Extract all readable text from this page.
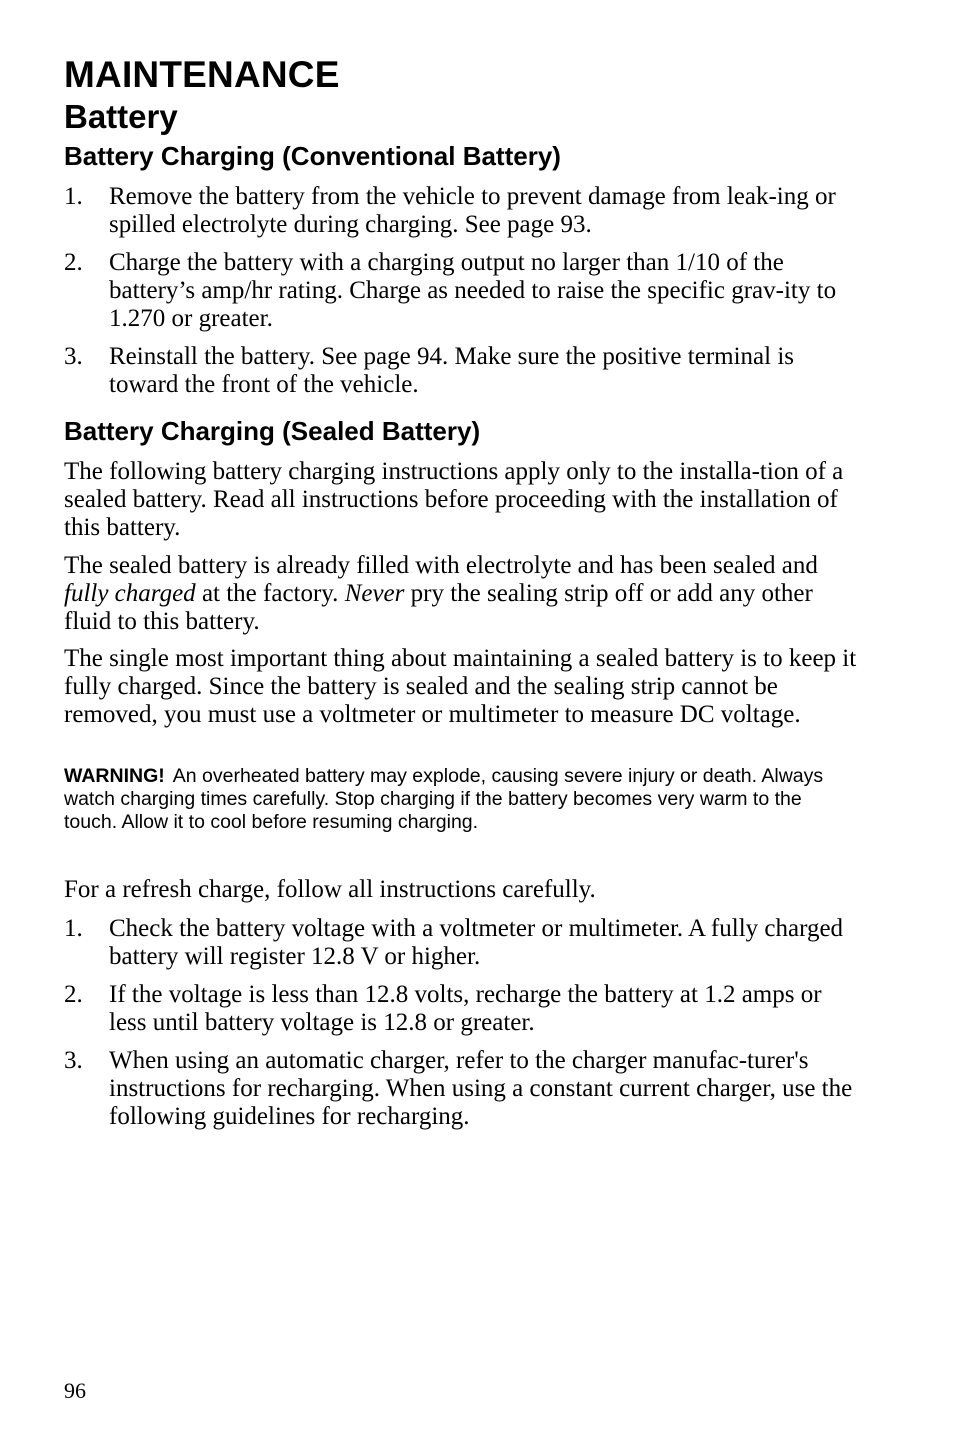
MAINTENANCE
Battery
Battery Charging (Conventional Battery)
1. Remove the battery from the vehicle to prevent damage from leak-ing or spilled electrolyte during charging. See page 93.
2. Charge the battery with a charging output no larger than 1/10 of the battery’s amp/hr rating. Charge as needed to raise the specific grav-ity to 1.270 or greater.
3. Reinstall the battery. See page 94. Make sure the positive terminal is toward the front of the vehicle.
Battery Charging (Sealed Battery)

The following battery charging instructions apply only to the installa-tion of a sealed battery. Read all instructions before proceeding with the installation of this battery.

The sealed battery is already filled with electrolyte and has been sealed and fully charged at the factory. Never pry the sealing strip off or add any other fluid to this battery.

The single most important thing about maintaining a sealed battery is to keep it fully charged. Since the battery is sealed and the sealing strip cannot be removed, you must use a voltmeter or multimeter to measure DC voltage.

WARNING! An overheated battery may explode, causing severe injury or death. Always watch charging times carefully. Stop charging if the battery becomes very warm to the touch. Allow it to cool before resuming charging.

For a refresh charge, follow all instructions carefully.

1. Check the battery voltage with a voltmeter or multimeter. A fully charged battery will register 12.8 V or higher.
2. If the voltage is less than 12.8 volts, recharge the battery at 1.2 amps or less until battery voltage is 12.8 or greater.
3. When using an automatic charger, refer to the charger manufac-turer's instructions for recharging. When using a constant current charger, use the following guidelines for recharging.
96
